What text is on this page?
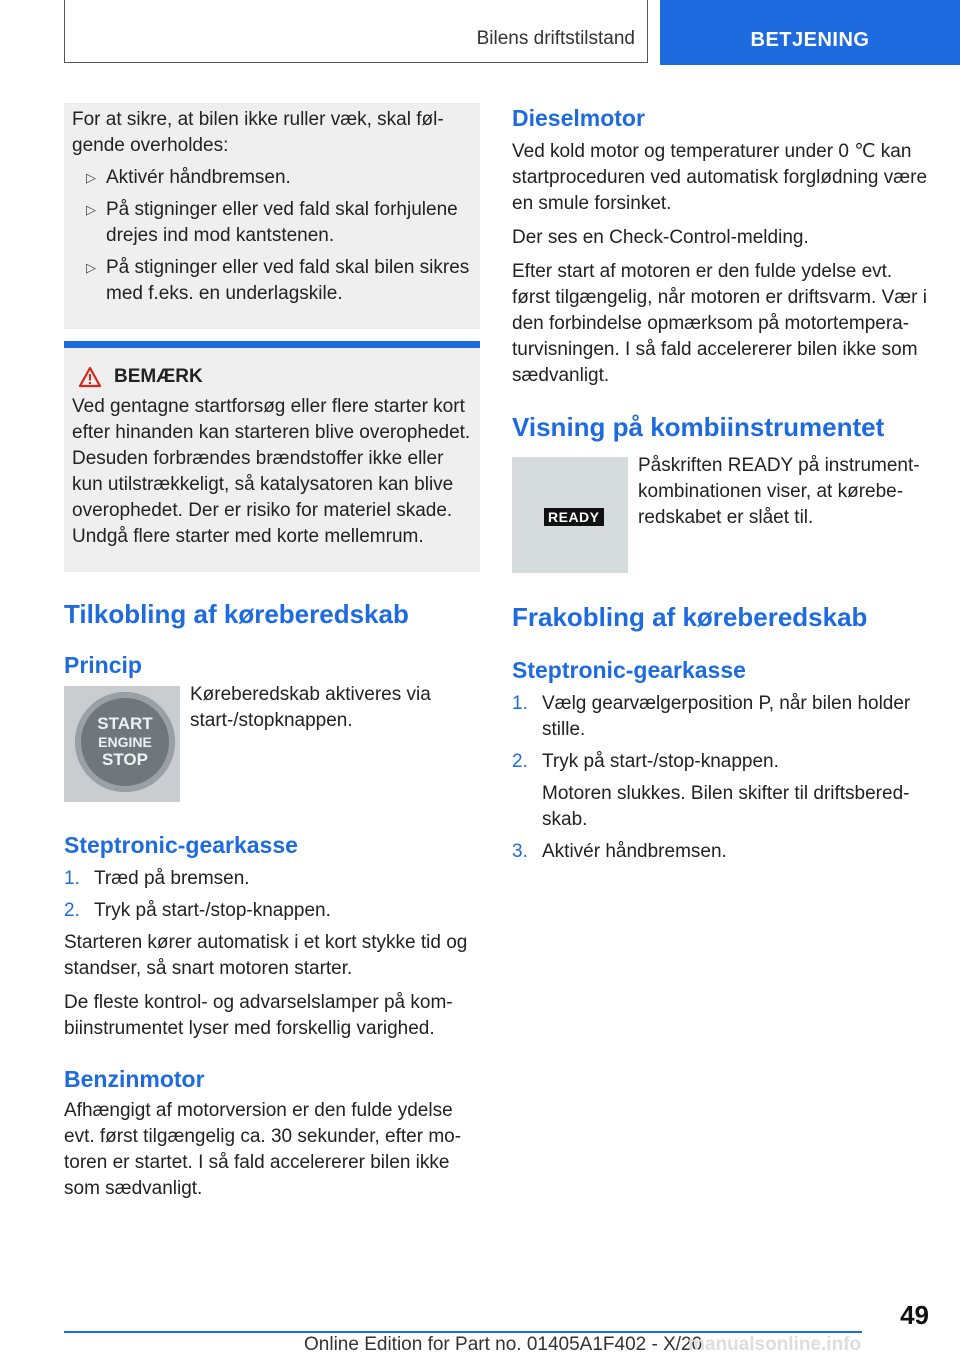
Bilens driftstilstand	BETJENING

For at sikre, at bilen ikke ruller væk, skal føl-gende overholdes:

▷ Aktivér håndbremsen.
▷ På stigninger eller ved fald skal forhjulene drejes ind mod kantstenen.
▷ På stigninger eller ved fald skal bilen sikres med f.eks. en underlagskile.
BEMÆRK

Ved gentagne startforsøg eller flere starter kort efter hinanden kan starteren blive overophedet. Desuden forbrændes brændstoffer ikke eller kun utilstrækkeligt, så katalysatoren kan blive overophedet. Der er risiko for materiel skade. Undgå flere starter med korte mellemrum.

Tilkobling af køreberedskab
Princip
START
ENGINE
STOP

Køreberedskab aktiveres via start-/stopknappen.

Steptronic-gearkasse
1. Træd på bremsen.
2. Tryk på start-/stop-knappen.

Starteren kører automatisk i et kort stykke tid og standser, så snart motoren starter.

De fleste kontrol- og advarselslamper på kom-biinstrumentet lyser med forskellig varighed.

Benzinmotor

Afhængigt af motorversion er den fulde ydelse evt. først tilgængelig ca. 30 sekunder, efter mo-toren er startet. I så fald accelererer bilen ikke som sædvanligt.

Dieselmotor

Ved kold motor og temperaturer under 0 ℃ kan startproceduren ved automatisk forglødning være en smule forsinket.

Der ses en Check-Control-melding.

Efter start af motoren er den fulde ydelse evt. først tilgængelig, når motoren er driftsvarm. Vær i den forbindelse opmærksom på motortempera-turvisningen. I så fald accelererer bilen ikke som sædvanligt.

Visning på kombiinstrumentet
READY

Påskriften READY på instrument-kombinationen viser, at kørebe-redskabet er slået til.

Frakobling af køreberedskab
Steptronic-gearkasse
1. Vælg gearvælgerposition P, når bilen holder stille.
2. Tryk på start-/stop-knappen.
Motoren slukkes. Bilen skifter til driftsbered-skab.
3. Aktivér håndbremsen.
49
Online Edition for Part no. 01405A1F402 - X/20
manualsonline.info
